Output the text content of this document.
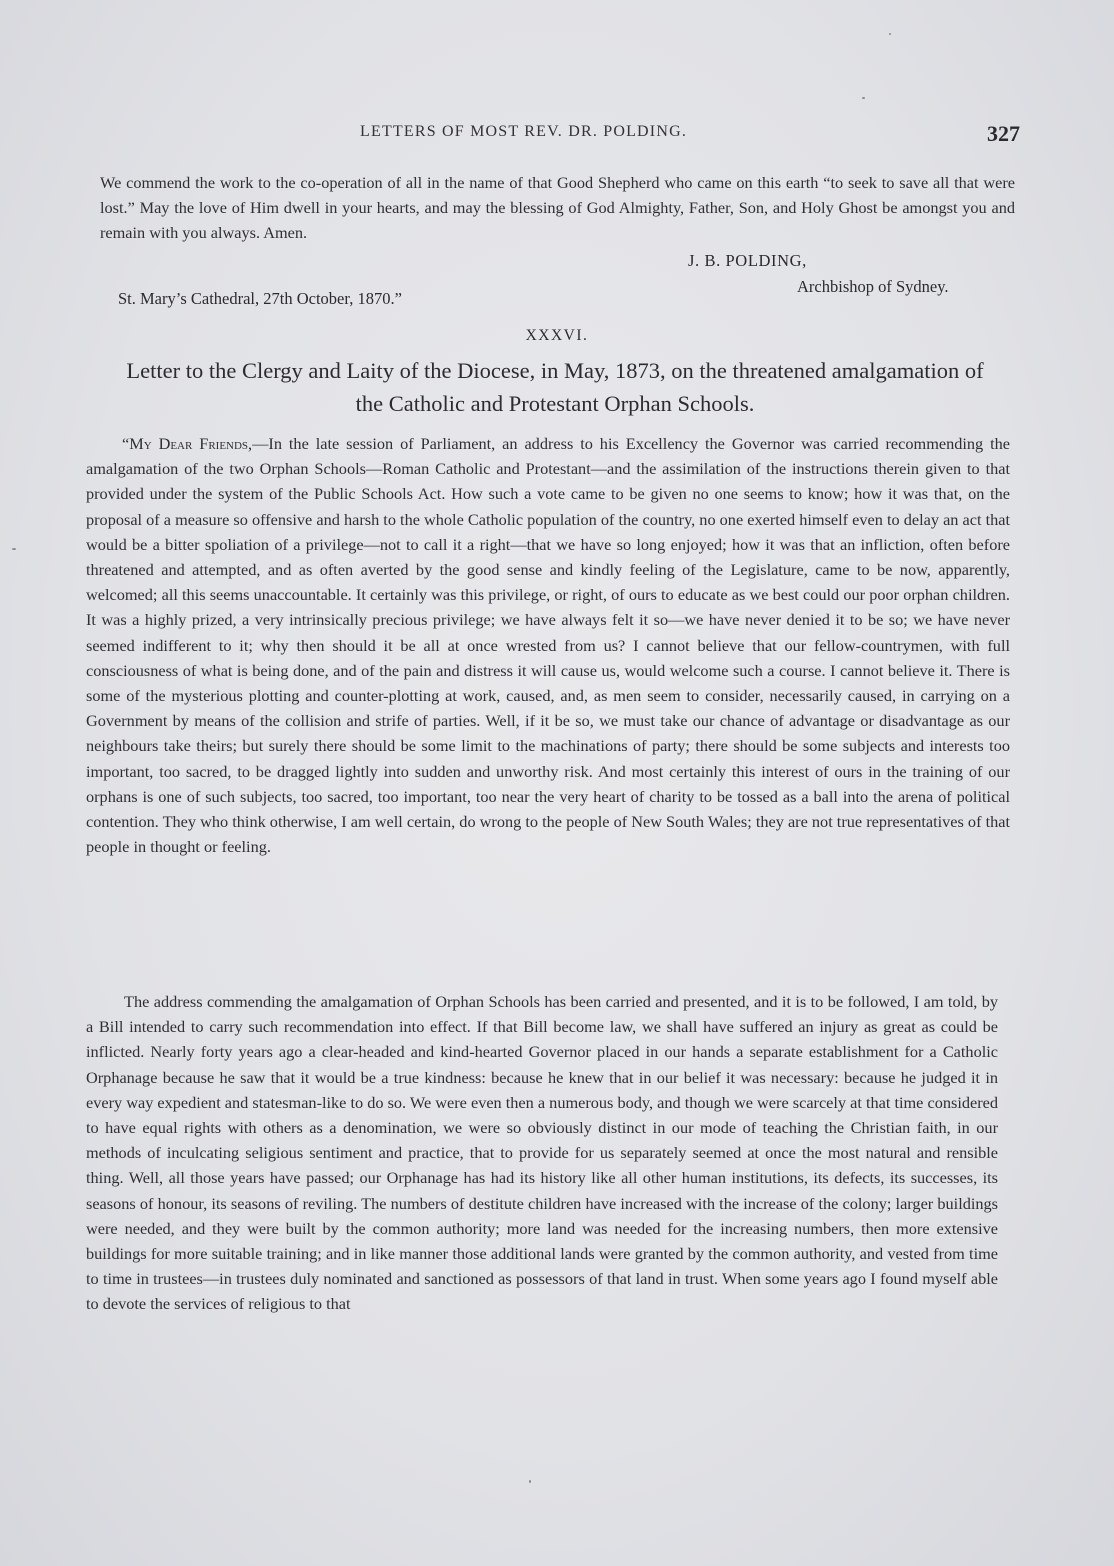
LETTERS OF MOST REV. DR. POLDING.	327

We commend the work to the co-operation of all in the name of that Good Shepherd who came on this earth “to seek to save all that were lost.” May the love of Him dwell in your hearts, and may the blessing of God Almighty, Father, Son, and Holy Ghost be amongst you and remain with you always. Amen.

J. B. POLDING,
Archbishop of Sydney.
St. Mary’s Cathedral, 27th October, 1870.”
XXXVI.
Letter to the Clergy and Laity of the Diocese, in May, 1873, on the threatened amalgamation of the Catholic and Protestant Orphan Schools.

“My Dear Friends,—In the late session of Parliament, an address to his Excellency the Governor was carried recommending the amalgamation of the two Orphan Schools—Roman Catholic and Protestant—and the assimilation of the instructions therein given to that provided under the system of the Public Schools Act. How such a vote came to be given no one seems to know; how it was that, on the proposal of a measure so offensive and harsh to the whole Catholic population of the country, no one exerted himself even to delay an act that would be a bitter spoliation of a privilege—not to call it a right—that we have so long enjoyed; how it was that an infliction, often before threatened and attempted, and as often averted by the good sense and kindly feeling of the Legislature, came to be now, apparently, welcomed; all this seems unaccountable. It certainly was this privilege, or right, of ours to educate as we best could our poor orphan children. It was a highly prized, a very intrinsically precious privilege; we have always felt it so—we have never denied it to be so; we have never seemed indifferent to it; why then should it be all at once wrested from us? I cannot believe that our fellow-countrymen, with full consciousness of what is being done, and of the pain and distress it will cause us, would welcome such a course. I cannot believe it. There is some of the mysterious plotting and counter-plotting at work, caused, and, as men seem to consider, necessarily caused, in carrying on a Government by means of the collision and strife of parties. Well, if it be so, we must take our chance of advantage or disadvantage as our neighbours take theirs; but surely there should be some limit to the machinations of party; there should be some subjects and interests too important, too sacred, to be dragged lightly into sudden and unworthy risk. And most certainly this interest of ours in the training of our orphans is one of such subjects, too sacred, too important, too near the very heart of charity to be tossed as a ball into the arena of political contention. They who think otherwise, I am well certain, do wrong to the people of New South Wales; they are not true representatives of that people in thought or feeling.

The address commending the amalgamation of Orphan Schools has been carried and presented, and it is to be followed, I am told, by a Bill intended to carry such recommendation into effect. If that Bill become law, we shall have suffered an injury as great as could be inflicted. Nearly forty years ago a clear-headed and kind-hearted Governor placed in our hands a separate establishment for a Catholic Orphanage because he saw that it would be a true kindness: because he knew that in our belief it was necessary: because he judged it in every way expedient and statesman-like to do so. We were even then a numerous body, and though we were scarcely at that time considered to have equal rights with others as a denomination, we were so obviously distinct in our mode of teaching the Christian faith, in our methods of inculcating seligious sentiment and practice, that to provide for us separately seemed at once the most natural and rensible thing. Well, all those years have passed; our Orphanage has had its history like all other human institutions, its defects, its successes, its seasons of honour, its seasons of reviling. The numbers of destitute children have increased with the increase of the colony; larger buildings were needed, and they were built by the common authority; more land was needed for the increasing numbers, then more extensive buildings for more suitable training; and in like manner those additional lands were granted by the common authority, and vested from time to time in trustees—in trustees duly nominated and sanctioned as possessors of that land in trust. When some years ago I found myself able to devote the services of religious to that
